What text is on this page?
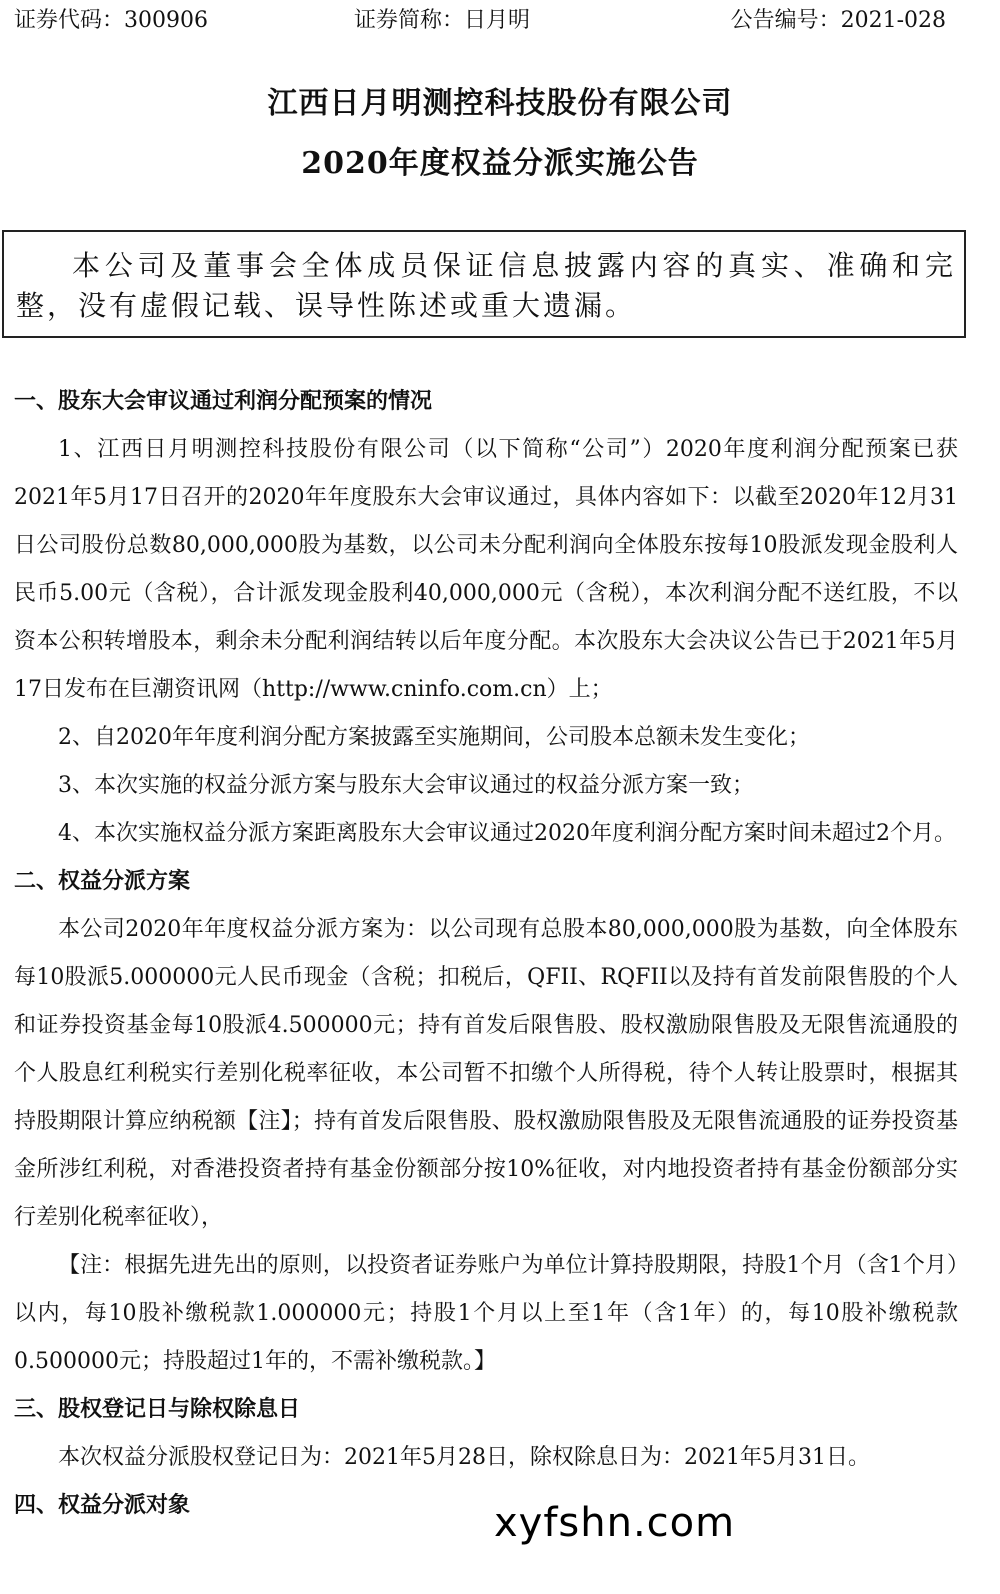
证券代码：300906	证券简称：日月明	公告编号：2021-028
江西日月明测控科技股份有限公司
2020年度权益分派实施公告
本公司及董事会全体成员保证信息披露内容的真实、准确和完整，没有虚假记载、误导性陈述或重大遗漏。

一、股东大会审议通过利润分配预案的情况

1、江西日月明测控科技股份有限公司（以下简称“公司”）2020年度利润分配预案已获 2021年5月17日召开的2020年年度股东大会审议通过，具体内容如下：以截至2020年12月31日公司股份总数80,000,000股为基数，以公司未分配利润向全体股东按每10股派发现金股利人民币5.00元（含税），合计派发现金股利40,000,000元（含税），本次利润分配不送红股，不以资本公积转增股本，剩余未分配利润结转以后年度分配。本次股东大会决议公告已于2021年5月17日发布在巨潮资讯网（http://www.cninfo.com.cn）上；

2、自2020年年度利润分配方案披露至实施期间，公司股本总额未发生变化；

3、本次实施的权益分派方案与股东大会审议通过的权益分派方案一致；

4、本次实施权益分派方案距离股东大会审议通过2020年度利润分配方案时间未超过2个月。

二、权益分派方案

本公司2020年年度权益分派方案为：以公司现有总股本80,000,000股为基数，向全体股东每10股派5.000000元人民币现金（含税；扣税后，QFII、RQFII以及持有首发前限售股的个人和证券投资基金每10股派4.500000元；持有首发后限售股、股权激励限售股及无限售流通股的个人股息红利税实行差别化税率征收，本公司暂不扣缴个人所得税，待个人转让股票时，根据其持股期限计算应纳税额【注】；持有首发后限售股、股权激励限售股及无限售流通股的证券投资基金所涉红利税，对香港投资者持有基金份额部分按10%征收，对内地投资者持有基金份额部分实行差别化税率征收），

【注：根据先进先出的原则，以投资者证券账户为单位计算持股期限，持股1个月（含1个月）以内，每10股补缴税款1.000000元；持股1个月以上至1年（含1年）的，每10股补缴税款0.500000元；持股超过1年的，不需补缴税款。】

三、股权登记日与除权除息日

本次权益分派股权登记日为：2021年5月28日，除权除息日为：2021年5月31日。

四、权益分派对象	xyfshn.com
